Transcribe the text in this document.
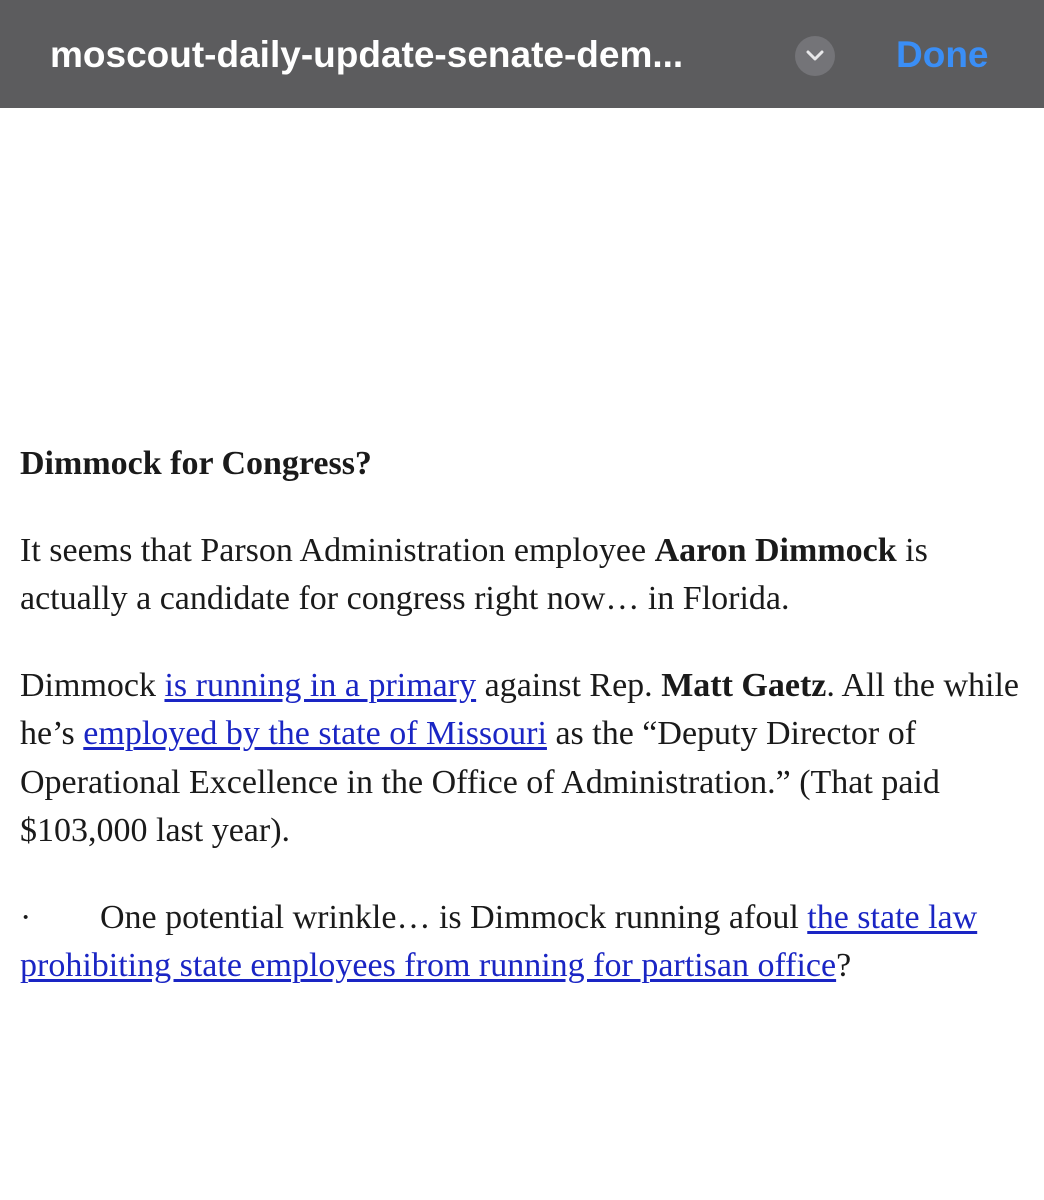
moscout-daily-update-senate-dem...	Done
Dimmock for Congress?
It seems that Parson Administration employee Aaron Dimmock is actually a candidate for congress right now… in Florida.
Dimmock is running in a primary against Rep. Matt Gaetz. All the while he’s employed by the state of Missouri as the “Deputy Director of Operational Excellence in the Office of Administration.” (That paid $103,000 last year).
· One potential wrinkle… is Dimmock running afoul the state law prohibiting state employees from running for partisan office?
